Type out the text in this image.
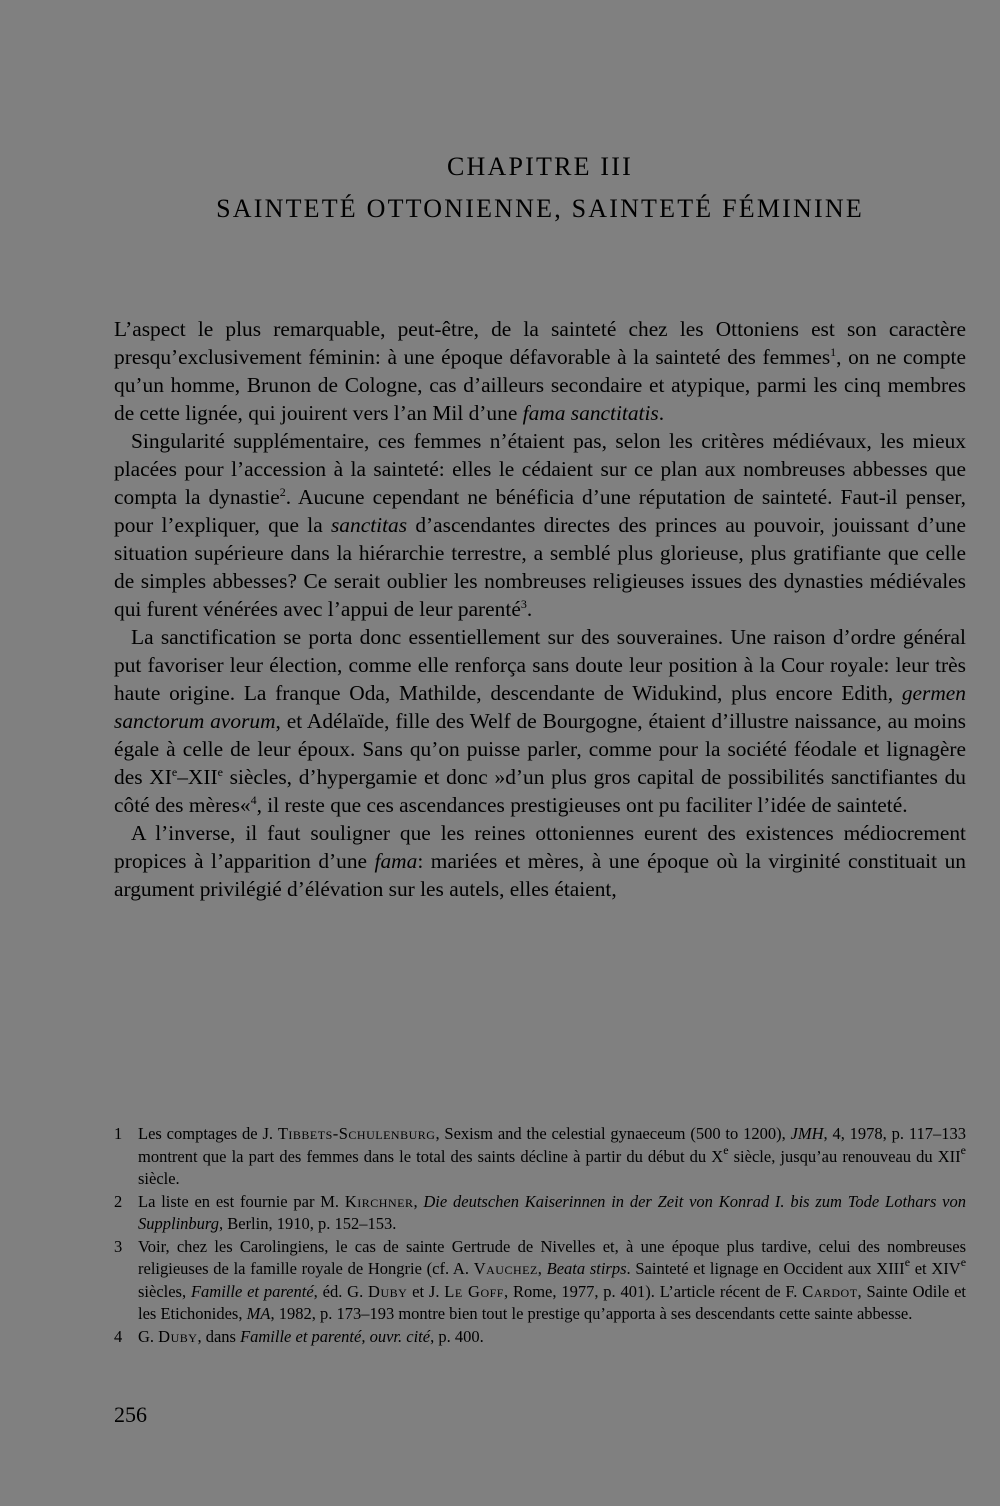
CHAPITRE III
SAINTETÉ OTTONIENNE, SAINTETÉ FÉMININE

L’aspect le plus remarquable, peut-être, de la sainteté chez les Ottoniens est son caractère presqu’exclusivement féminin: à une époque défavorable à la sainteté des femmes$^1$, on ne compte qu’un homme, Brunon de Cologne, cas d’ailleurs secondaire et atypique, parmi les cinq membres de cette lignée, qui jouirent vers l’an Mil d’une fama sanctitatis.

Singularité supplémentaire, ces femmes n’étaient pas, selon les critères médiévaux, les mieux placées pour l’accession à la sainteté: elles le cédaient sur ce plan aux nombreuses abbesses que compta la dynastie$^2$. Aucune cependant ne bénéficia d’une réputation de sainteté. Faut-il penser, pour l’expliquer, que la sanctitas d’ascendantes directes des princes au pouvoir, jouissant d’une situation supérieure dans la hiérarchie terrestre, a semblé plus glorieuse, plus gratifiante que celle de simples abbesses? Ce serait oublier les nombreuses religieuses issues des dynasties médiévales qui furent vénérées avec l’appui de leur parenté$^3$.

La sanctification se porta donc essentiellement sur des souveraines. Une raison d’ordre général put favoriser leur élection, comme elle renforça sans doute leur position à la Cour royale: leur très haute origine. La franque Oda, Mathilde, descendante de Widukind, plus encore Edith, germen sanctorum avorum, et Adélaïde, fille des Welf de Bourgogne, étaient d’illustre naissance, au moins égale à celle de leur époux. Sans qu’on puisse parler, comme pour la société féodale et lignagère des XIe–XIIe siècles, d’hypergamie et donc »d’un plus gros capital de possibilités sanctifiantes du côté des mères«$^4$, il reste que ces ascendances prestigieuses ont pu faciliter l’idée de sainteté.

A l’inverse, il faut souligner que les reines ottoniennes eurent des existences médiocrement propices à l’apparition d’une fama: mariées et mères, à une époque où la virginité constituait un argument privilégié d’élévation sur les autels, elles étaient,

1 Les comptages de J. Tibbets-Schulenburg, Sexism and the celestial gynaeceum (500 to 1200), JMH, 4, 1978, p. 117–133 montrent que la part des femmes dans le total des saints décline à partir du début du Xe siècle, jusqu’au renouveau du XIIe siècle.
2 La liste en est fournie par M. Kirchner, Die deutschen Kaiserinnen in der Zeit von Konrad I. bis zum Tode Lothars von Supplinburg, Berlin, 1910, p. 152–153.
3 Voir, chez les Carolingiens, le cas de sainte Gertrude de Nivelles et, à une époque plus tardive, celui des nombreuses religieuses de la famille royale de Hongrie (cf. A. Vauchez, Beata stirps. Sainteté et lignage en Occident aux XIIIe et XIVe siècles, Famille et parenté, éd. G. Duby et J. Le Goff, Rome, 1977, p. 401). L’article récent de F. Cardot, Sainte Odile et les Etichonides, MA, 1982, p. 173–193 montre bien tout le prestige qu’apporta à ses descendants cette sainte abbesse.
4 G. Duby, dans Famille et parenté, ouvr. cité, p. 400.
256
